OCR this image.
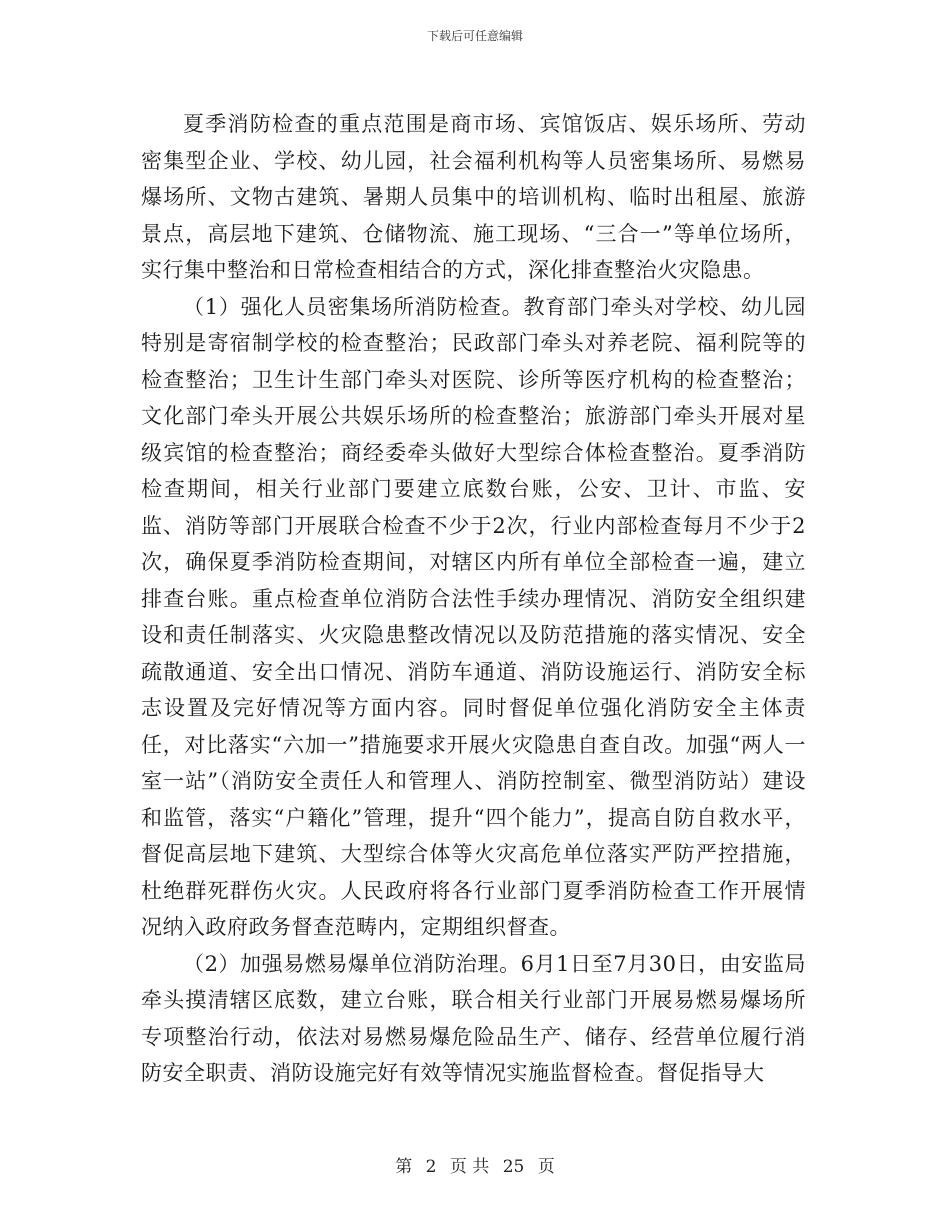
下载后可任意编辑

夏季消防检查的重点范围是商市场、宾馆饭店、娱乐场所、劳动密集型企业、学校、幼儿园，社会福利机构等人员密集场所、易燃易爆场所、文物古建筑、暑期人员集中的培训机构、临时出租屋、旅游景点，高层地下建筑、仓储物流、施工现场、“三合一”等单位场所，实行集中整治和日常检查相结合的方式，深化排查整治火灾隐患。

（1）强化人员密集场所消防检查。教育部门牵头对学校、幼儿园特别是寄宿制学校的检查整治；民政部门牵头对养老院、福利院等的检查整治；卫生计生部门牵头对医院、诊所等医疗机构的检查整治；文化部门牵头开展公共娱乐场所的检查整治；旅游部门牵头开展对星级宾馆的检查整治；商经委牵头做好大型综合体检查整治。夏季消防检查期间，相关行业部门要建立底数台账，公安、卫计、市监、安监、消防等部门开展联合检查不少于2次，行业内部检查每月不少于2次，确保夏季消防检查期间，对辖区内所有单位全部检查一遍，建立排查台账。重点检查单位消防合法性手续办理情况、消防安全组织建设和责任制落实、火灾隐患整改情况以及防范措施的落实情况、安全疏散通道、安全出口情况、消防车通道、消防设施运行、消防安全标志设置及完好情况等方面内容。同时督促单位强化消防安全主体责任，对比落实“六加一”措施要求开展火灾隐患自查自改。加强“两人一室一站”（消防安全责任人和管理人、消防控制室、微型消防站）建设和监管，落实“户籍化”管理，提升“四个能力”，提高自防自救水平，督促高层地下建筑、大型综合体等火灾高危单位落实严防严控措施，杜绝群死群伤火灾。人民政府将各行业部门夏季消防检查工作开展情况纳入政府政务督查范畴内，定期组织督查。

（2）加强易燃易爆单位消防治理。6月1日至7月30日，由安监局牵头摸清辖区底数，建立台账，联合相关行业部门开展易燃易爆场所专项整治行动，依法对易燃易爆危险品生产、储存、经营单位履行消防安全职责、消防设施完好有效等情况实施监督检查。督促指导大

第 2 页 共 25 页
